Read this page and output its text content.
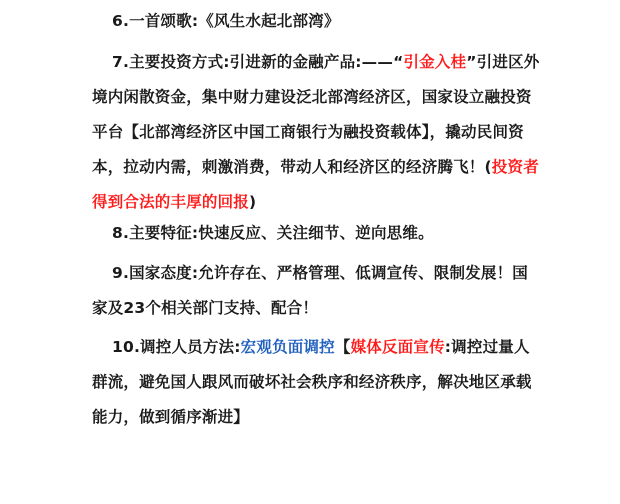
6.一首颂歌:《风生水起北部湾》

7.主要投资方式:引进新的金融产品:——“引金入桂”引进区外境内闲散资金，集中财力建设泛北部湾经济区，国家设立融投资平台【北部湾经济区中国工商银行为融投资载体】，撬动民间资本，拉动内需，刺激消费，带动人和经济区的经济腾飞！(投资者得到合法的丰厚的回报)

8.主要特征:快速反应、关注细节、逆向思维。

9.国家态度:允许存在、严格管理、低调宣传、限制发展！国家及23个相关部门支持、配合！

10.调控人员方法:宏观负面调控【媒体反面宣传:调控过量人群流，避免国人跟风而破坏社会秩序和经济秩序，解决地区承载能力，做到循序渐进】
